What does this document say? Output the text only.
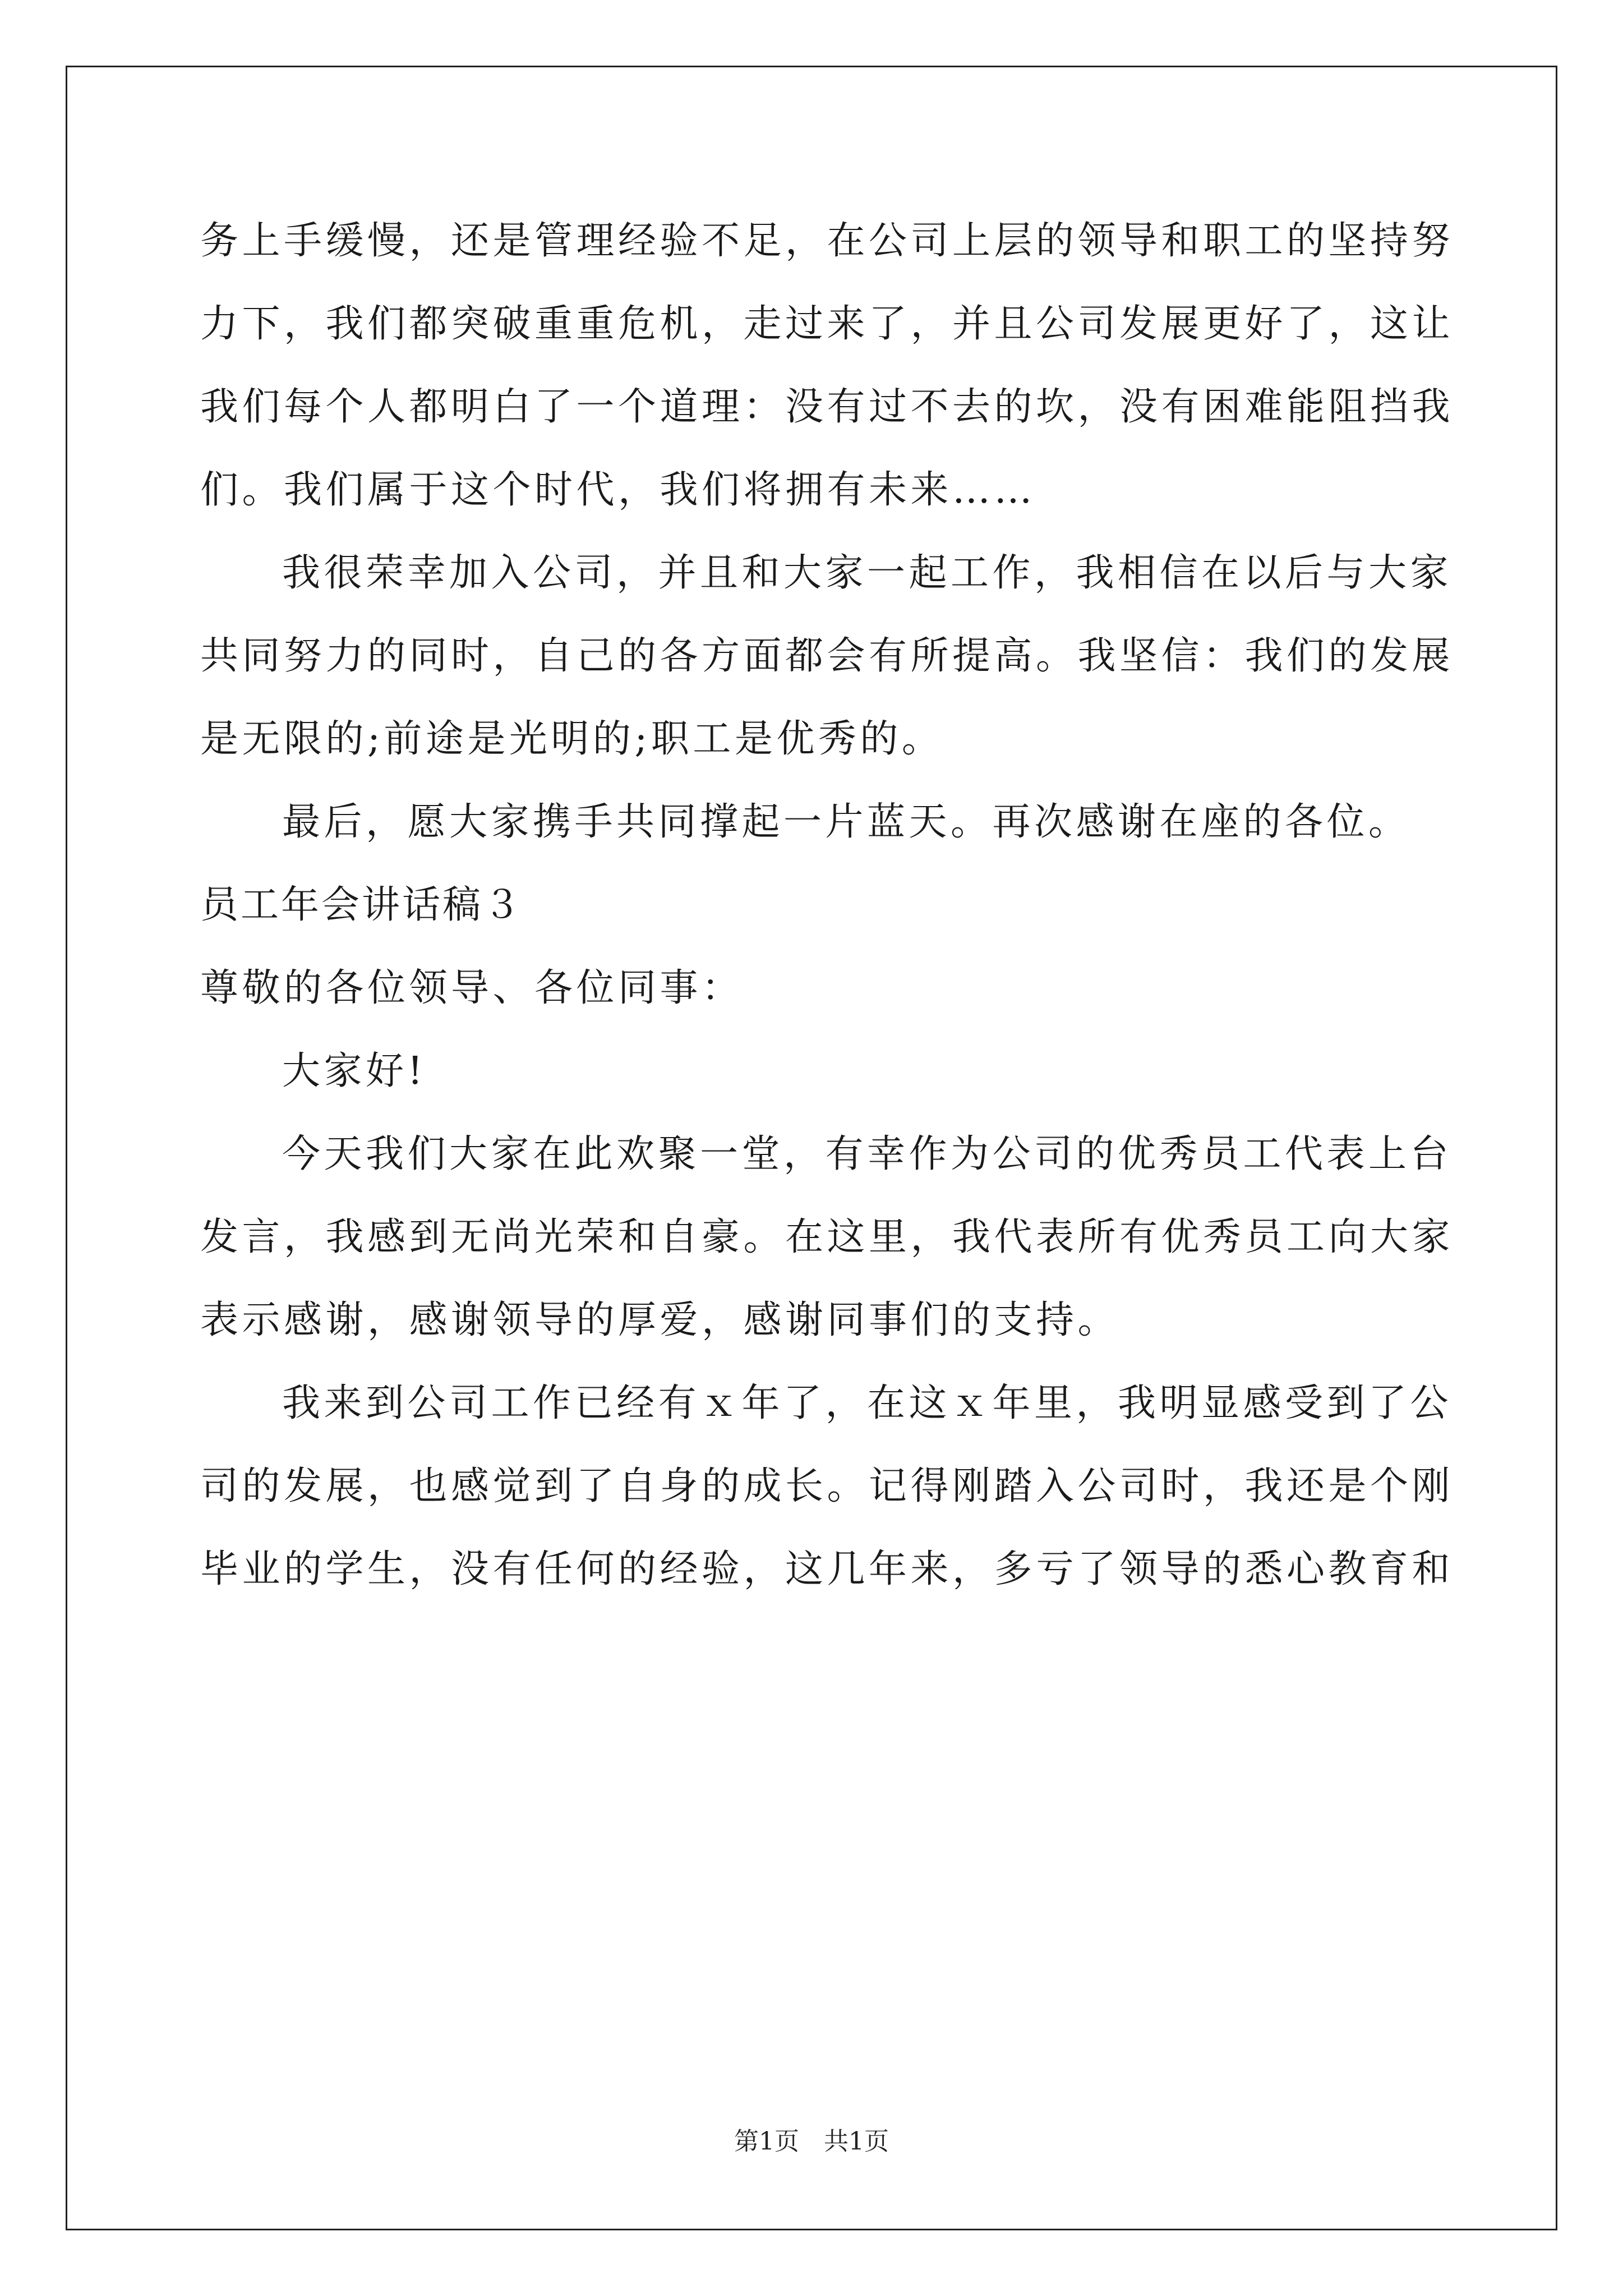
务上手缓慢，还是管理经验不足，在公司上层的领导和职工的坚持努
力下，我们都突破重重危机，走过来了，并且公司发展更好了，这让
我们每个人都明白了一个道理：没有过不去的坎，没有困难能阻挡我
们。我们属于这个时代，我们将拥有未来……
我很荣幸加入公司，并且和大家一起工作，我相信在以后与大家
共同努力的同时，自己的各方面都会有所提高。我坚信：我们的发展
是无限的;前途是光明的;职工是优秀的。
最后，愿大家携手共同撑起一片蓝天。再次感谢在座的各位。
员工年会讲话稿３
尊敬的各位领导、各位同事：
大家好!
今天我们大家在此欢聚一堂，有幸作为公司的优秀员工代表上台
发言，我感到无尚光荣和自豪。在这里，我代表所有优秀员工向大家
表示感谢，感谢领导的厚爱，感谢同事们的支持。
我来到公司工作已经有ｘ年了，在这ｘ年里，我明显感受到了公
司的发展，也感觉到了自身的成长。记得刚踏入公司时，我还是个刚
毕业的学生，没有任何的经验，这几年来，多亏了领导的悉心教育和
第1页　共1页
